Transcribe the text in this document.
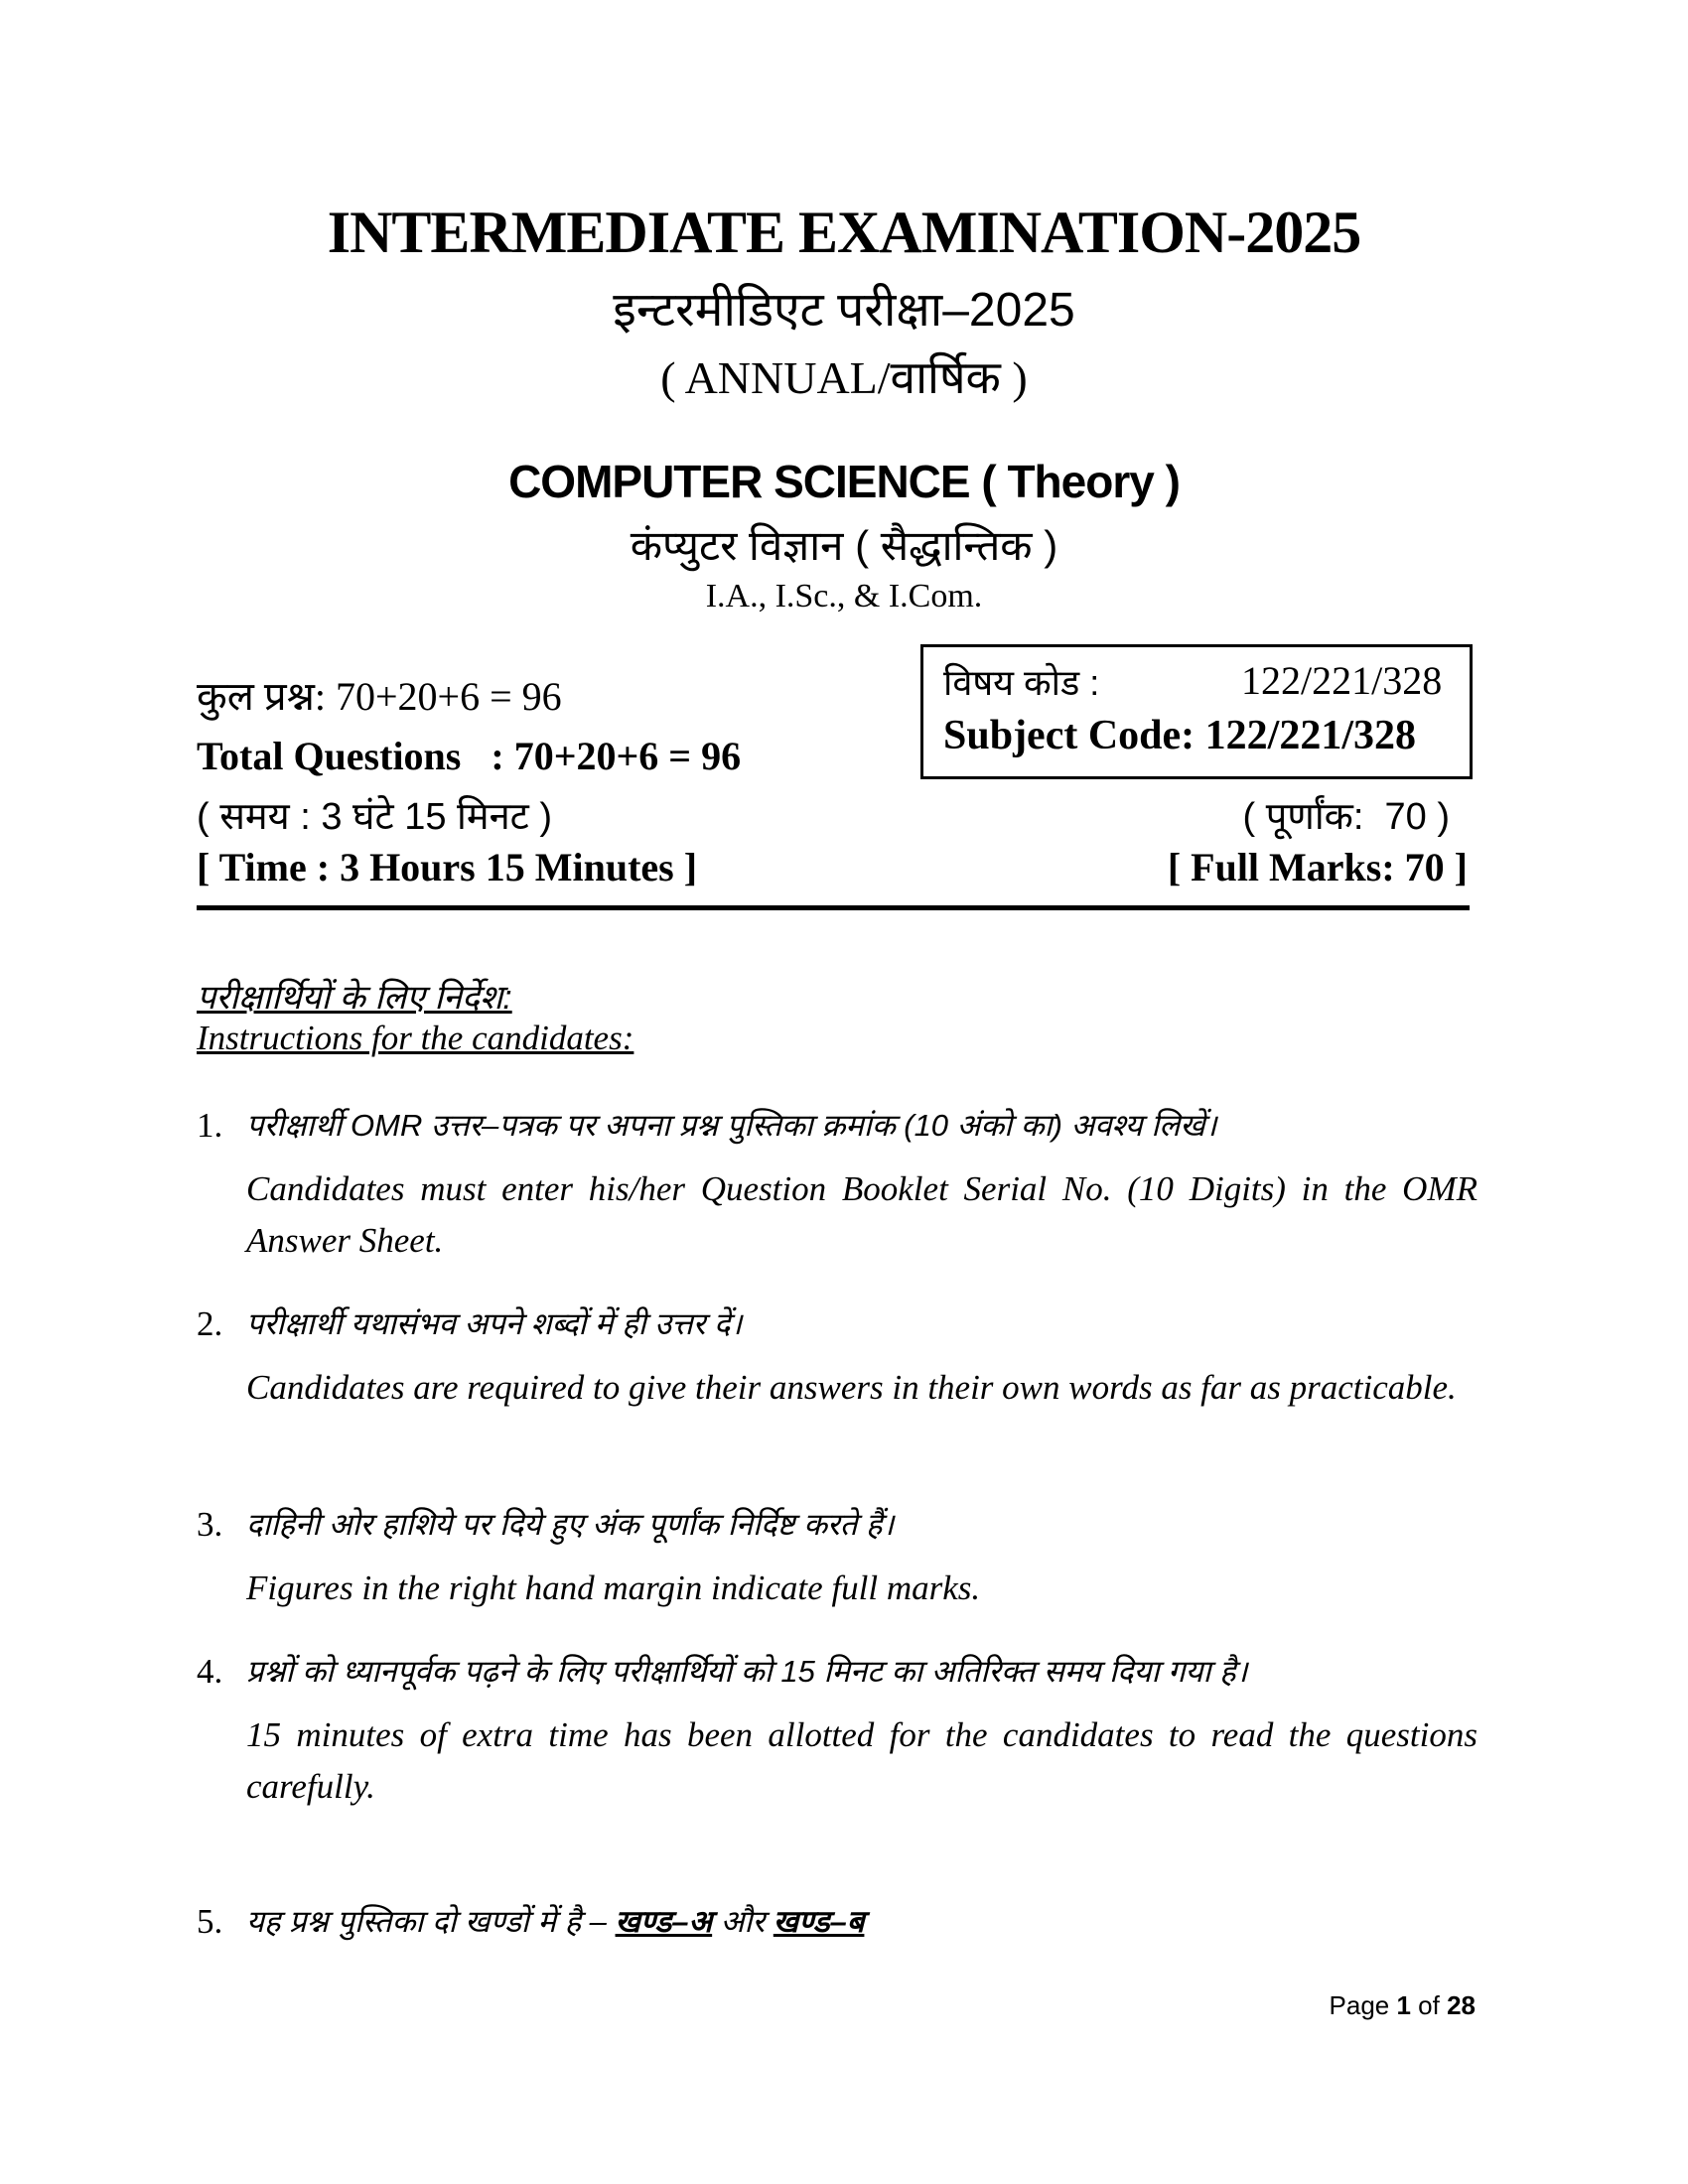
INTERMEDIATE EXAMINATION-2025
इन्टरमीडिएट परीक्षा–2025
( ANNUAL/वार्षिक )
COMPUTER SCIENCE ( Theory )
कंप्युटर विज्ञान ( सैद्धान्तिक )
I.A., I.Sc., & I.Com.
कुल प्रश्न: 70+20+6 = 96
Total Questions   : 70+20+6 = 96
( समय : 3 घंटे 15 मिनट )
[ Time : 3 Hours 15 Minutes ]
विषय कोड :	122/221/328
Subject Code: 122/221/328
( पूर्णांक:  70 )
[ Full Marks: 70 ]
परीक्षार्थियों के लिए निर्देश:
Instructions for the candidates:
1. परीक्षार्थी OMR उत्तर–पत्रक पर अपना प्रश्न पुस्तिका क्रमांक (10 अंको का) अवश्य लिखें।
Candidates must enter his/her Question Booklet Serial No. (10 Digits) in the OMR Answer Sheet.
2. परीक्षार्थी यथासंभव अपने शब्दों में ही उत्तर दें।
Candidates are required to give their answers in their own words as far as practicable.
3. दाहिनी ओर हाशिये पर दिये हुए अंक पूर्णांक निर्दिष्ट करते हैं।
Figures in the right hand margin indicate full marks.
4. प्रश्नों को ध्यानपूर्वक पढ़ने के लिए परीक्षार्थियों को 15 मिनट का अतिरिक्त समय दिया गया है।
15 minutes of extra time has been allotted for the candidates to read the questions carefully.
5. यह प्रश्न पुस्तिका दो खण्डों में है – खण्ड–अ और खण्ड–ब
Page 1 of 28
